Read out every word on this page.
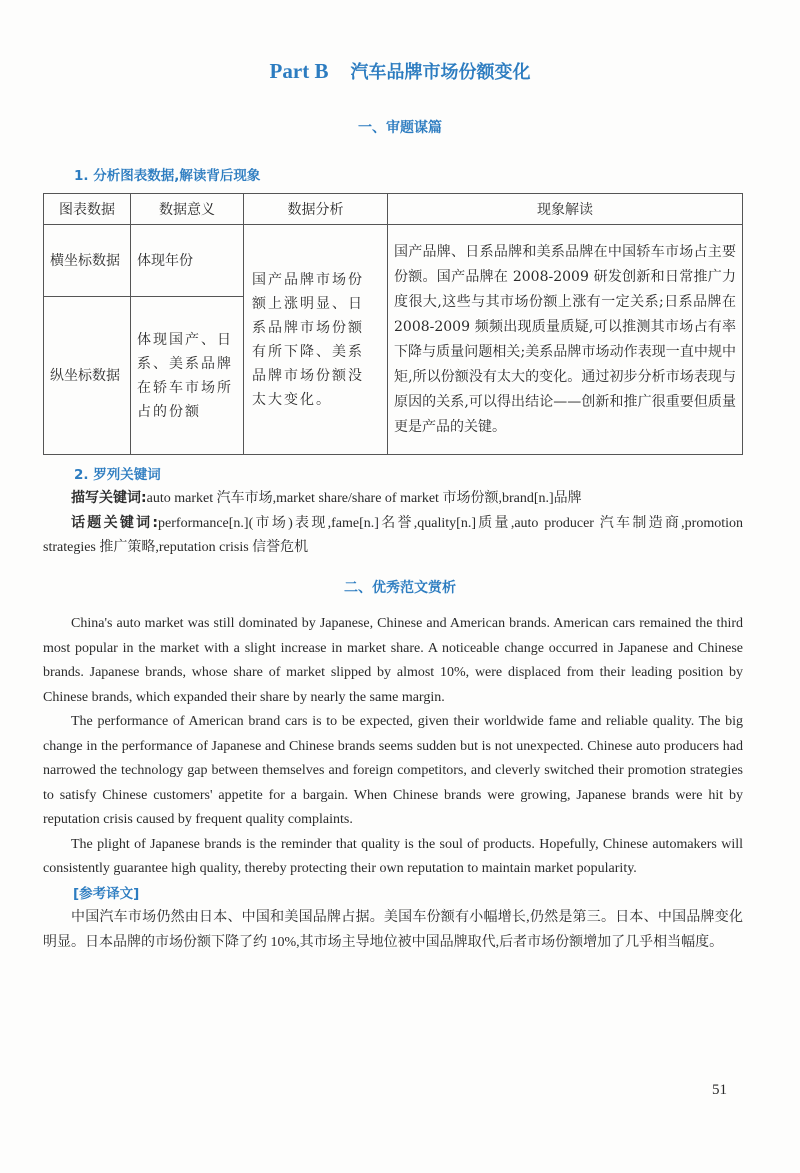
Part B 汽车品牌市场份额变化
一、审题谋篇
1. 分析图表数据,解读背后现象
图表数据	数据意义	数据分析	现象解读
横坐标数据	体现年份	国产品牌市场份额上涨明显、日系品牌市场份额有所下降、美系品牌市场份额没太大变化。	国产品牌、日系品牌和美系品牌在中国轿车市场占主要份额。国产品牌在 2008-2009 研发创新和日常推广力度很大,这些与其市场份额上涨有一定关系;日系品牌在 2008-2009 频频出现质量质疑,可以推测其市场占有率下降与质量问题相关;美系品牌市场动作表现一直中规中矩,所以份额没有太大的变化。通过初步分析市场表现与原因的关系,可以得出结论——创新和推广很重要但质量更是产品的关键。
纵坐标数据	体现国产、日系、美系品牌在轿车市场所占的份额		
2. 罗列关键词
描写关键词:auto market 汽车市场,market share/share of market 市场份额,brand[n.]品牌
话题关键词:performance[n.](市场)表现,fame[n.]名誉,quality[n.]质量,auto producer 汽车制造商,promotion strategies 推广策略,reputation crisis 信誉危机
二、优秀范文赏析

China's auto market was still dominated by Japanese, Chinese and American brands. American cars remained the third most popular in the market with a slight increase in market share. A noticeable change occurred in Japanese and Chinese brands. Japanese brands, whose share of market slipped by almost 10%, were displaced from their leading position by Chinese brands, which expanded their share by nearly the same margin.

The performance of American brand cars is to be expected, given their worldwide fame and reliable quality. The big change in the performance of Japanese and Chinese brands seems sudden but is not unexpected. Chinese auto producers had narrowed the technology gap between themselves and foreign competitors, and cleverly switched their promotion strategies to satisfy Chinese customers' appetite for a bargain. When Chinese brands were growing, Japanese brands were hit by reputation crisis caused by frequent quality complaints.

The plight of Japanese brands is the reminder that quality is the soul of products. Hopefully, Chinese automakers will consistently guarantee high quality, thereby protecting their own reputation to maintain market popularity.

[参考译文]
中国汽车市场仍然由日本、中国和美国品牌占据。美国车份额有小幅增长,仍然是第三。日本、中国品牌变化明显。日本品牌的市场份额下降了约 10%,其市场主导地位被中国品牌取代,后者市场份额增加了几乎相当幅度。
51
